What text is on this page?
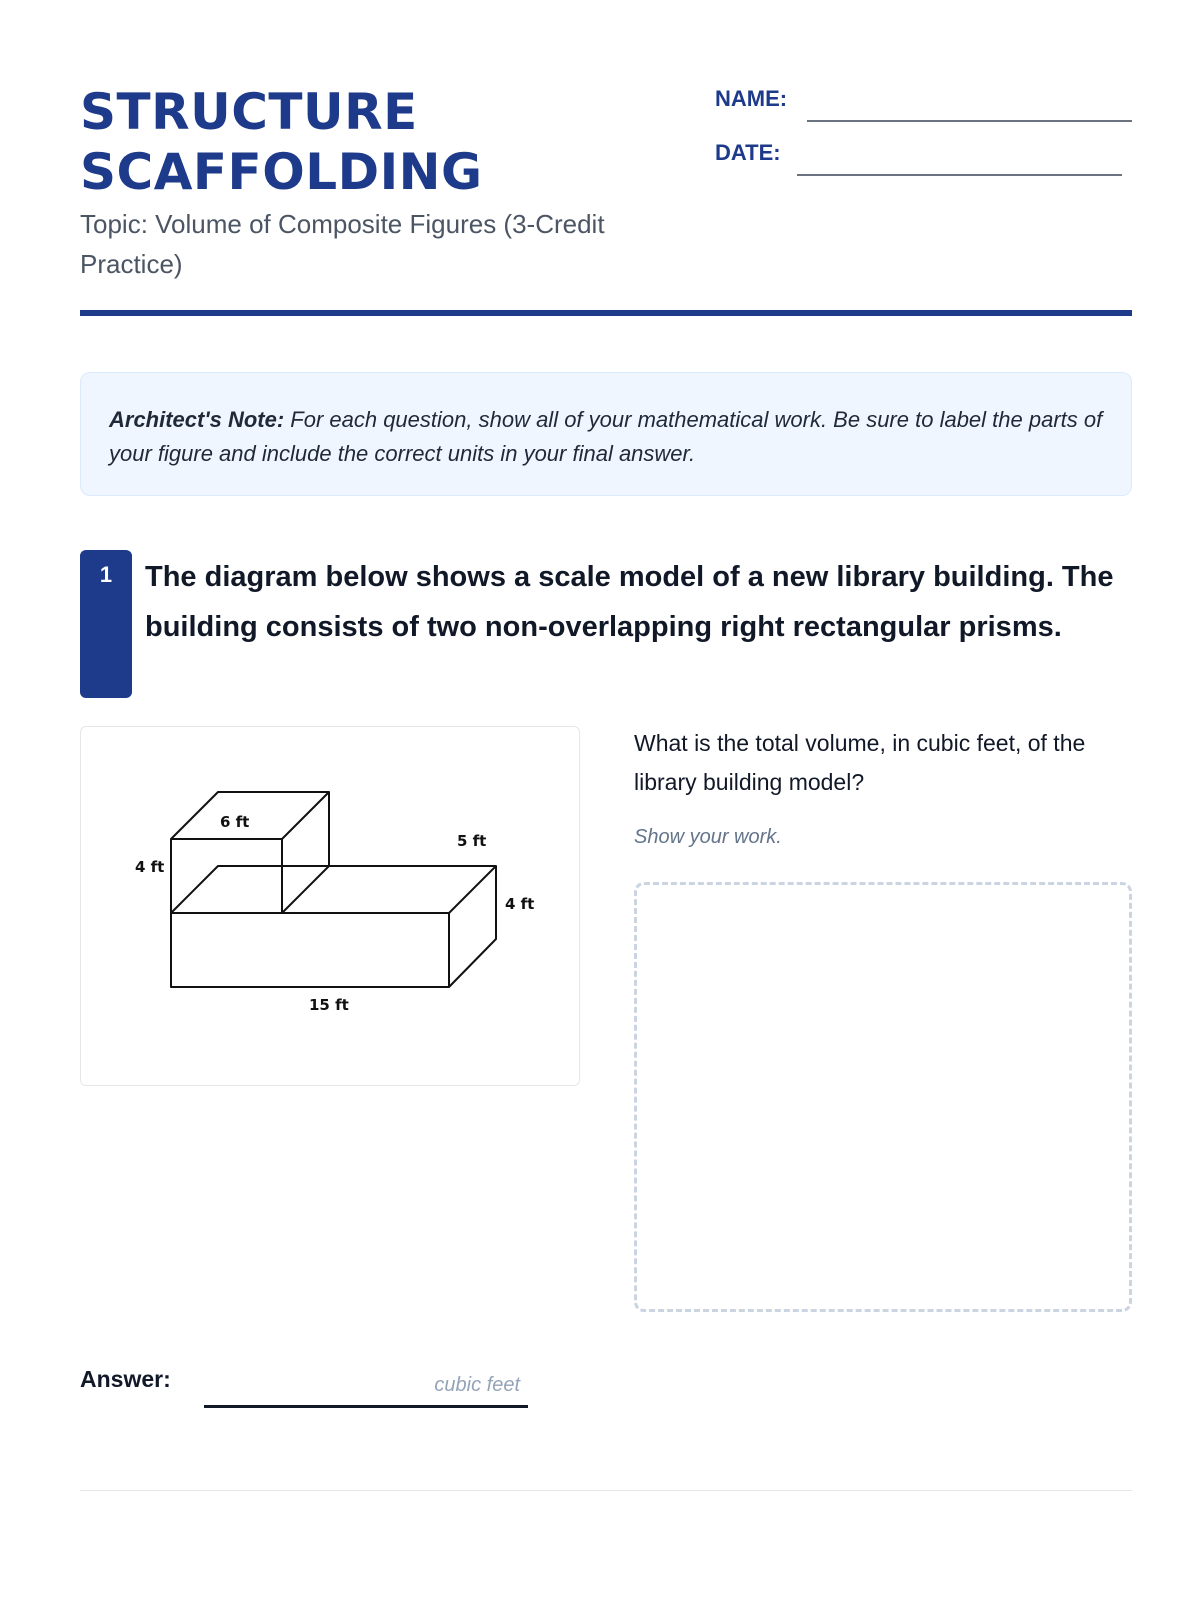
STRUCTURE
SCAFFOLDING
Topic: Volume of Composite Figures (3-Credit Practice)
NAME:
DATE:
Architect's Note: For each question, show all of your mathematical work. Be sure to label the parts of your figure and include the correct units in your final answer.
1	The diagram below shows a scale model of a new library building. The building consists of two non-overlapping right rectangular prisms.
6 ft
4 ft
5 ft
4 ft
15 ft
What is the total volume, in cubic feet, of the library building model?
Show your work.
Answer:	cubic feet
